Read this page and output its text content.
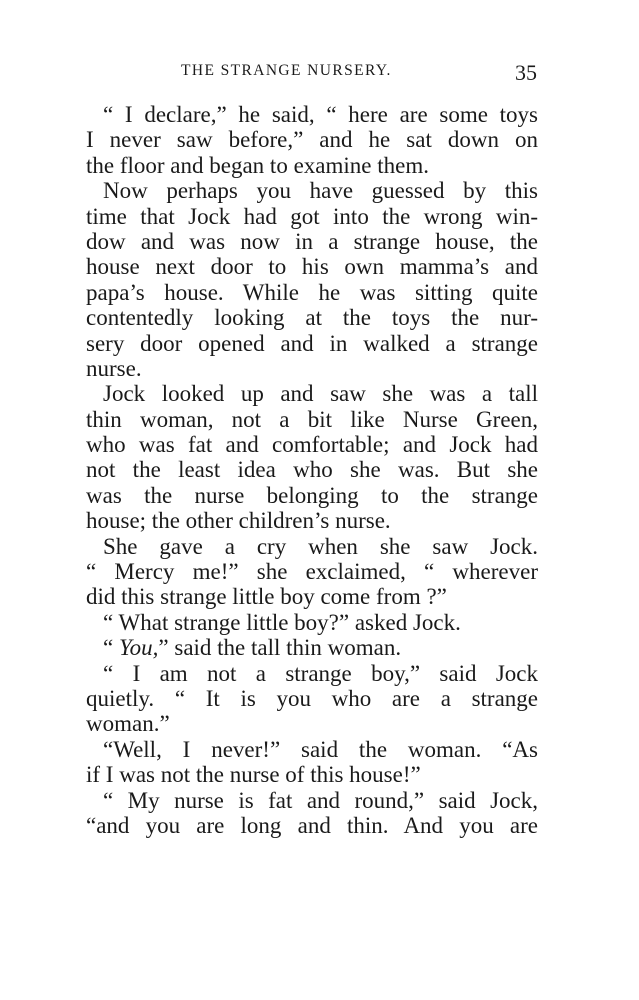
THE STRANGE NURSERY.	35
“ I declare,” he said, “ here are some toys
I never saw before,” and he sat down on
the floor and began to examine them.
Now perhaps you have guessed by this
time that Jock had got into the wrong win-
dow and was now in a strange house, the
house next door to his own mamma’s and
papa’s house. While he was sitting quite
contentedly looking at the toys the nur-
sery door opened and in walked a strange
nurse.
Jock looked up and saw she was a tall
thin woman, not a bit like Nurse Green,
who was fat and comfortable; and Jock had
not the least idea who she was. But she
was the nurse belonging to the strange
house; the other children’s nurse.
She gave a cry when she saw Jock.
“ Mercy me!” she exclaimed, “ wherever
did this strange little boy come from ?”
“ What strange little boy?” asked Jock.
“ You,” said the tall thin woman.
“ I am not a strange boy,” said Jock
quietly. “ It is you who are a strange
woman.”
“Well, I never!” said the woman. “As
if I was not the nurse of this house!”
“ My nurse is fat and round,” said Jock,
“and you are long and thin. And you are
